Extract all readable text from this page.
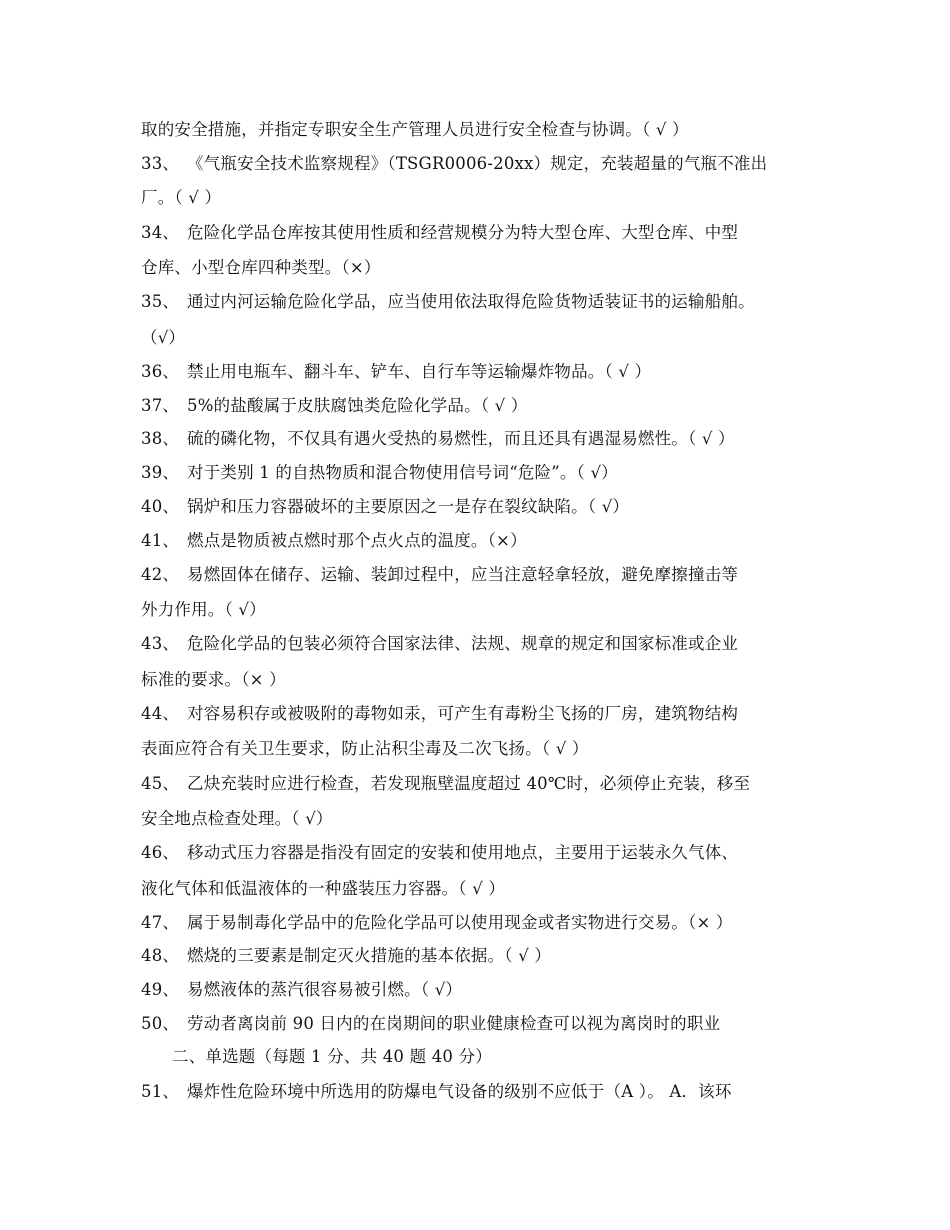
取的安全措施，并指定专职安全生产管理人员进行安全检查与协调。（ √ ）
33、 《气瓶安全技术监察规程》（TSGR0006-20xx）规定，充装超量的气瓶不准出
厂。（ √ ）
34、 危险化学品仓库按其使用性质和经营规模分为特大型仓库、大型仓库、中型
仓库、小型仓库四种类型。（×）
35、 通过内河运输危险化学品，应当使用依法取得危险货物适装证书的运输船舶。
（√）
36、 禁止用电瓶车、翻斗车、铲车、自行车等运输爆炸物品。（ √ ）
37、 5%的盐酸属于皮肤腐蚀类危险化学品。（ √ ）
38、 硫的磷化物，不仅具有遇火受热的易燃性，而且还具有遇湿易燃性。（ √ ）
39、 对于类别 1 的自热物质和混合物使用信号词“危险”。（ √）
40、 锅炉和压力容器破坏的主要原因之一是存在裂纹缺陷。（ √）
41、 燃点是物质被点燃时那个点火点的温度。（×）
42、 易燃固体在储存、运输、装卸过程中，应当注意轻拿轻放，避免摩擦撞击等
外力作用。（ √）
43、 危险化学品的包装必须符合国家法律、法规、规章的规定和国家标准或企业
标准的要求。（× ）
44、 对容易积存或被吸附的毒物如汞，可产生有毒粉尘飞扬的厂房，建筑物结构
表面应符合有关卫生要求，防止沾积尘毒及二次飞扬。（ √ ）
45、 乙炔充装时应进行检查，若发现瓶壁温度超过 40℃时，必须停止充装，移至
安全地点检查处理。（ √）
46、 移动式压力容器是指没有固定的安装和使用地点，主要用于运装永久气体、
液化气体和低温液体的一种盛装压力容器。（ √ ）
47、 属于易制毒化学品中的危险化学品可以使用现金或者实物进行交易。（× ）
48、 燃烧的三要素是制定灭火措施的基本依据。（ √ ）
49、 易燃液体的蒸汽很容易被引燃。（ √）
50、 劳动者离岗前 90 日内的在岗期间的职业健康检查可以视为离岗时的职业
二、单选题（每题 1 分、共 40 题 40 分）
51、 爆炸性危险环境中所选用的防爆电气设备的级别不应低于（A ）。 A．该环
